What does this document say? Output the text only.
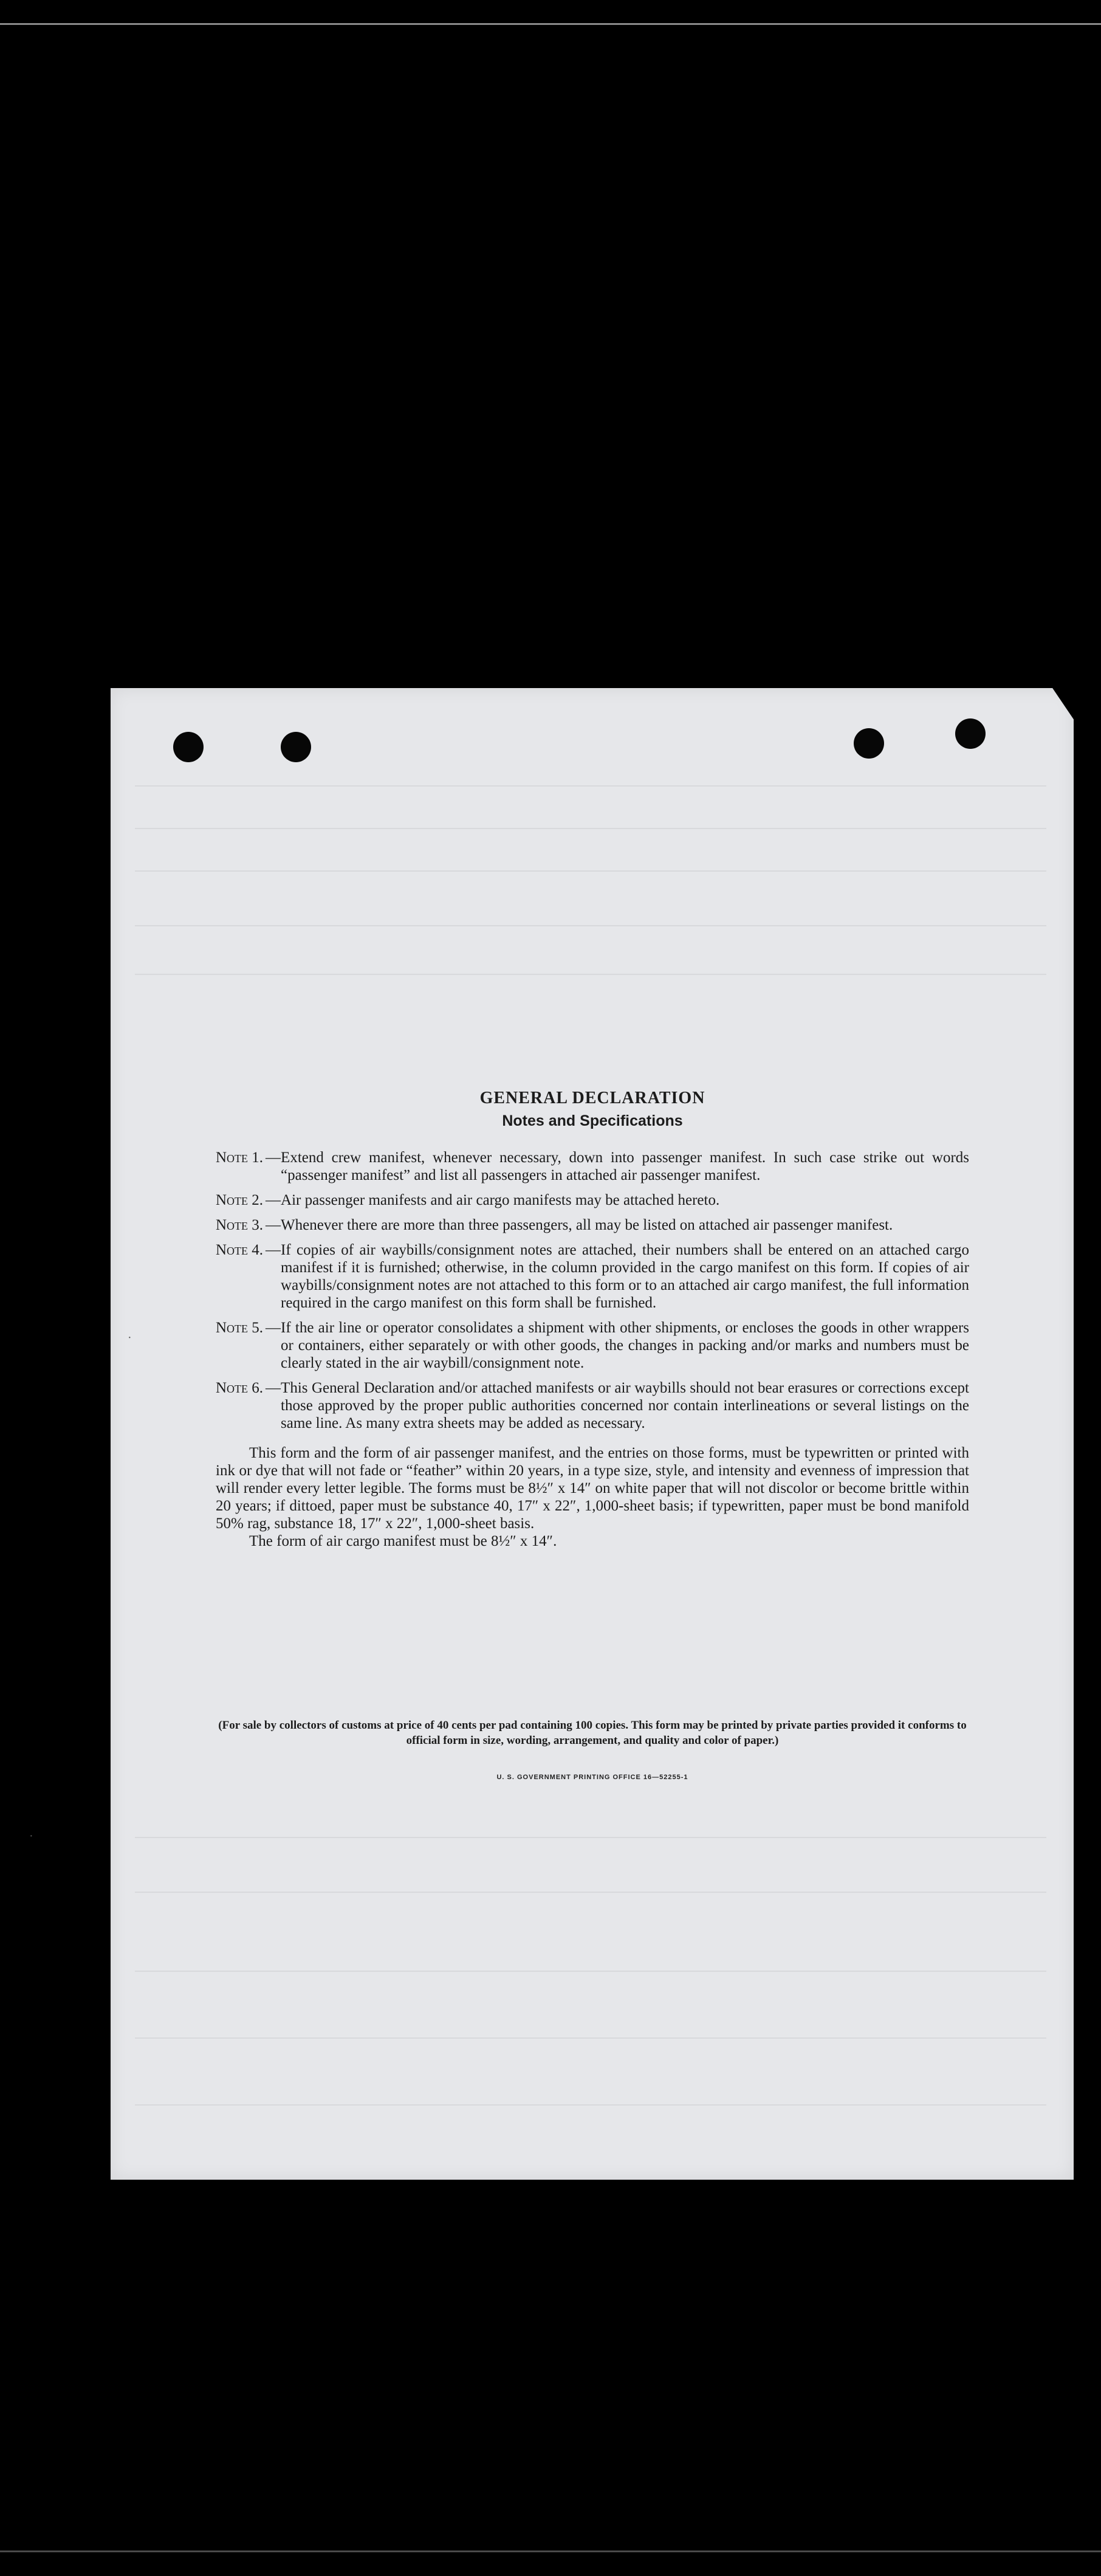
GENERAL DECLARATION
Notes and Specifications
Note 1. — Extend crew manifest, whenever necessary, down into passenger manifest. In such case strike out words “passenger manifest” and list all passengers in attached air passenger manifest.
Note 2. — Air passenger manifests and air cargo manifests may be attached hereto.
Note 3. — Whenever there are more than three passengers, all may be listed on attached air passenger manifest.
Note 4. — If copies of air waybills/consignment notes are attached, their numbers shall be entered on an attached cargo manifest if it is furnished; otherwise, in the column provided in the cargo manifest on this form. If copies of air waybills/consignment notes are not attached to this form or to an attached air cargo manifest, the full information required in the cargo manifest on this form shall be furnished.
Note 5. — If the air line or operator consolidates a shipment with other shipments, or encloses the goods in other wrappers or containers, either separately or with other goods, the changes in packing and/or marks and numbers must be clearly stated in the air waybill/consignment note.
Note 6. — This General Declaration and/or attached manifests or air waybills should not bear erasures or corrections except those approved by the proper public authorities concerned nor contain interlineations or several listings on the same line. As many extra sheets may be added as necessary.

This form and the form of air passenger manifest, and the entries on those forms, must be typewritten or printed with ink or dye that will not fade or “feather” within 20 years, in a type size, style, and intensity and evenness of impression that will render every letter legible. The forms must be 8½″ x 14″ on white paper that will not discolor or become brittle within 20 years; if dittoed, paper must be substance 40, 17″ x 22″, 1,000-sheet basis; if typewritten, paper must be bond manifold 50% rag, substance 18, 17″ x 22″, 1,000-sheet basis.

The form of air cargo manifest must be 8½″ x 14″.

(For sale by collectors of customs at price of 40 cents per pad containing 100 copies. This form may be printed by private parties provided it conforms to official form in size, wording, arrangement, and quality and color of paper.)
U. S. GOVERNMENT PRINTING OFFICE 16—52255-1
·
·
